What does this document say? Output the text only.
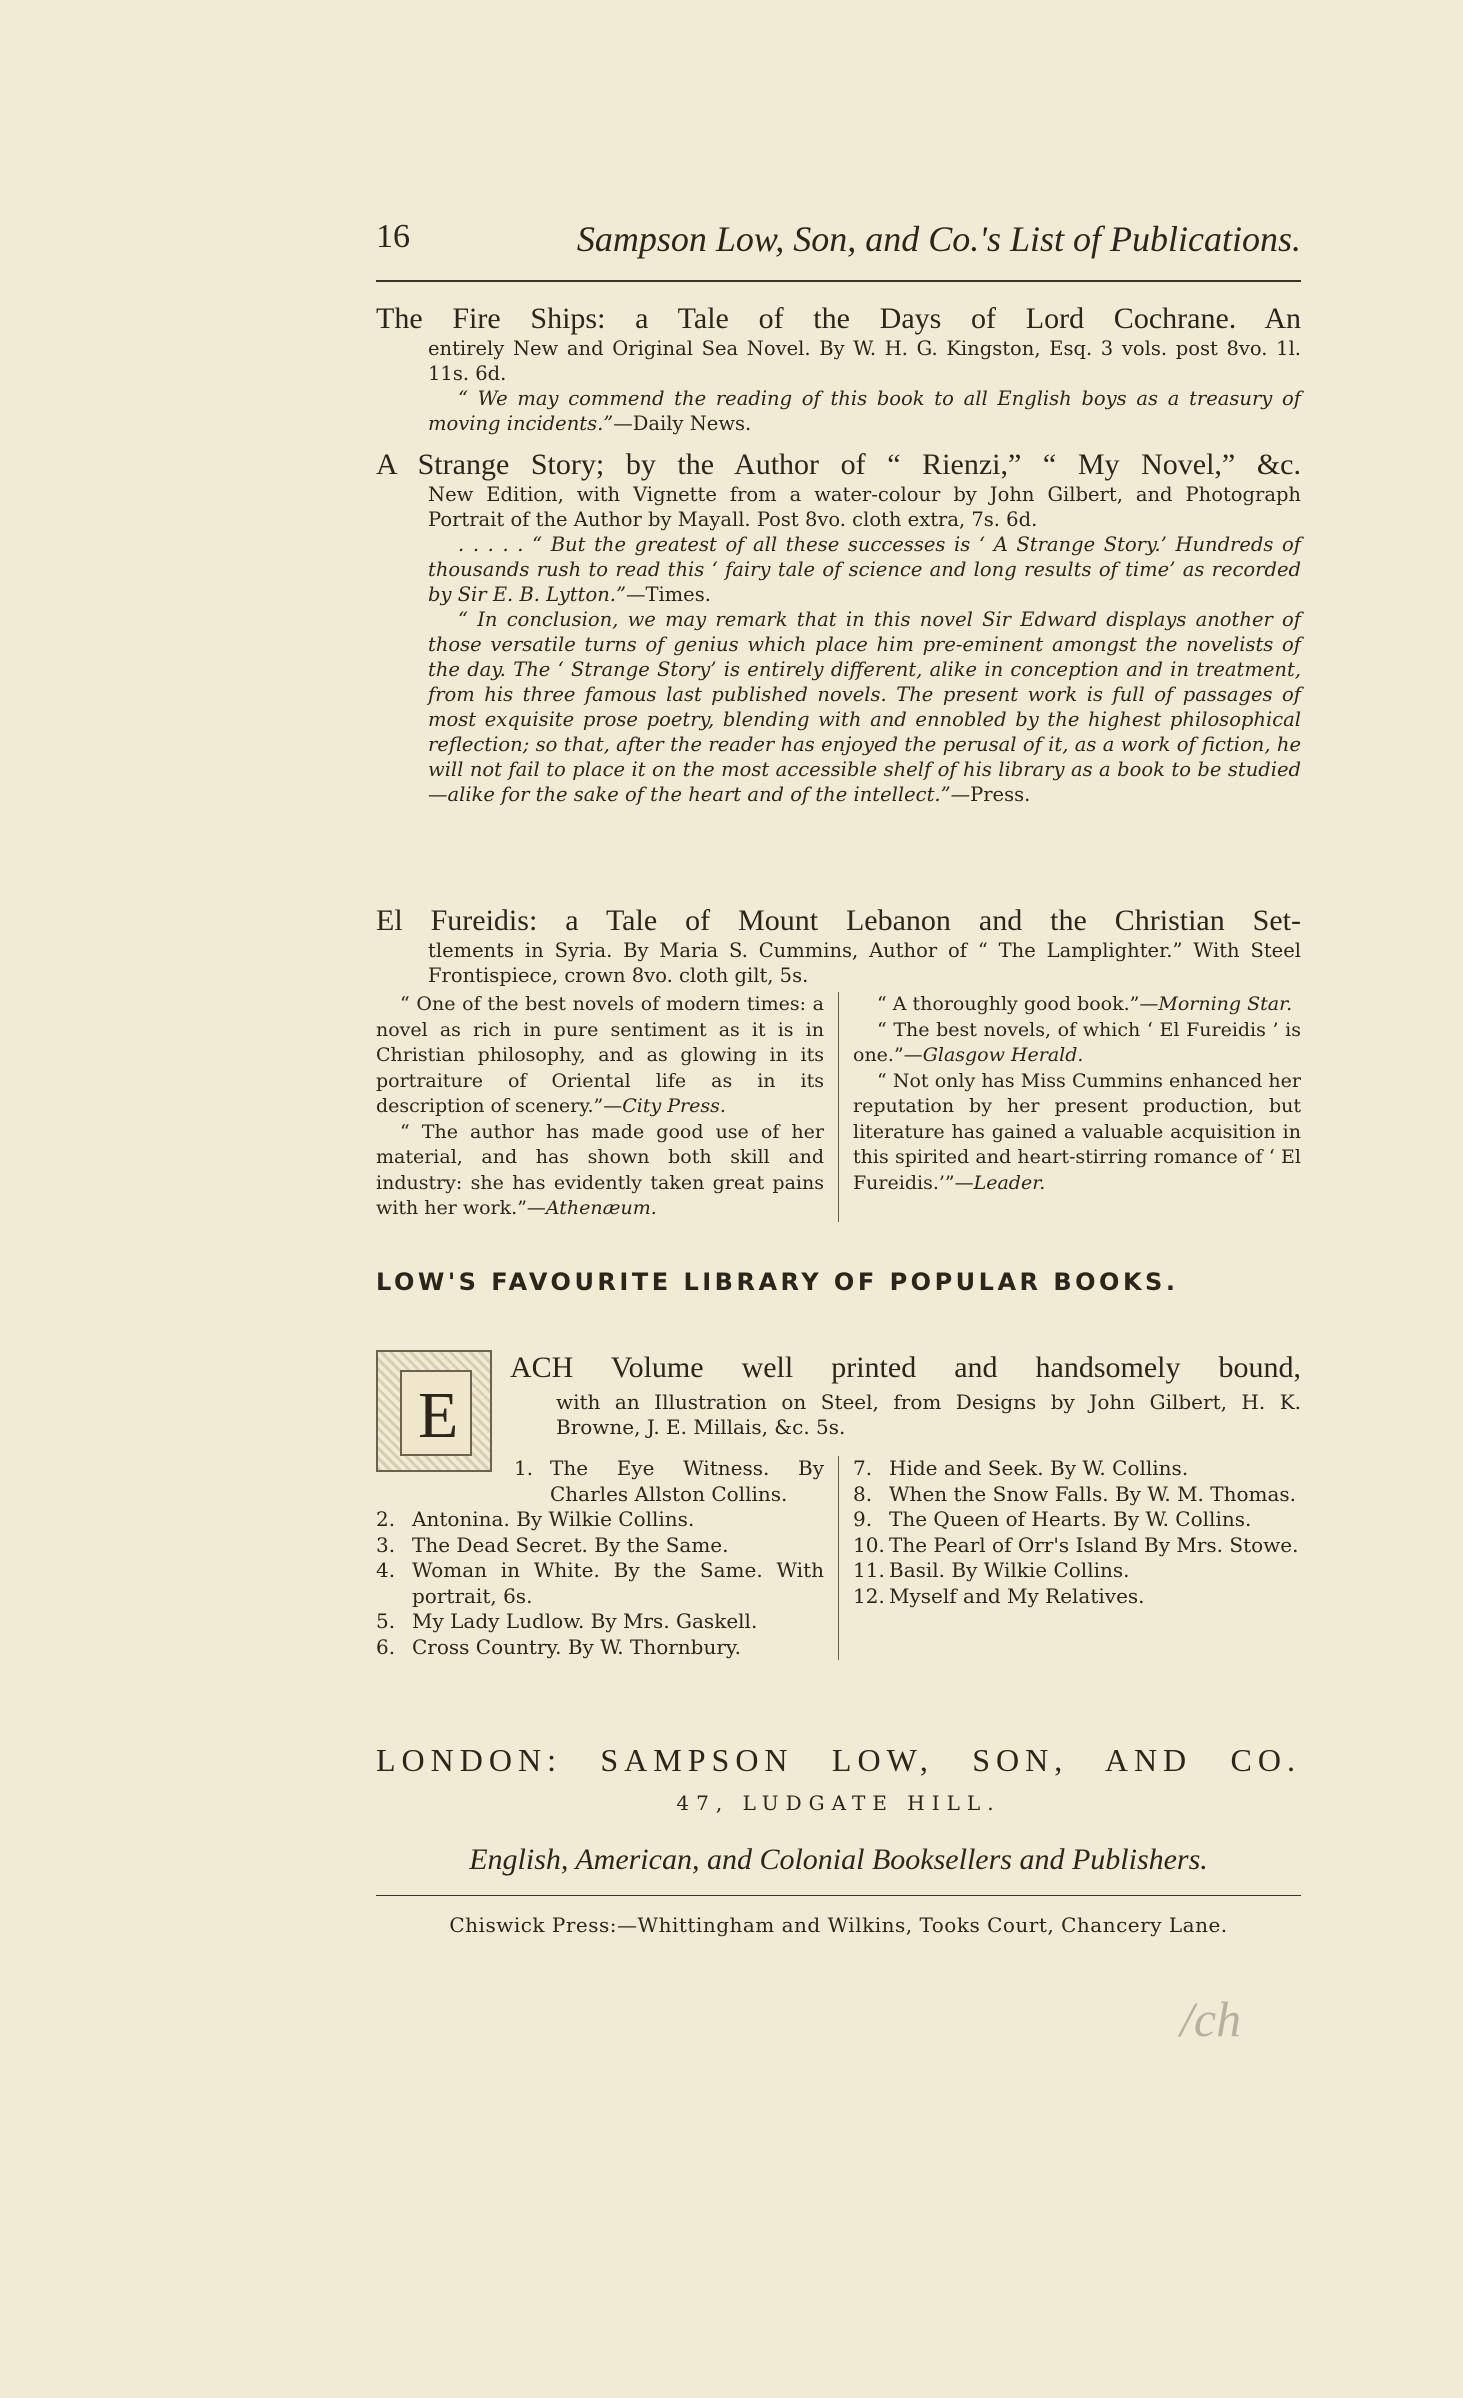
16	Sampson Low, Son, and Co.'s List of Publications.
The Fire Ships: a Tale of the Days of Lord Cochrane. An
entirely New and Original Sea Novel. By W. H. G. Kingston, Esq. 3 vols. post 8vo. 1l. 11s. 6d.
“ We may commend the reading of this book to all English boys as a treasury of moving incidents.”—Daily News.
A Strange Story; by the Author of “ Rienzi,” “ My Novel,” &c.
New Edition, with Vignette from a water-colour by John Gilbert, and Photograph Portrait of the Author by Mayall. Post 8vo. cloth extra, 7s. 6d.
. . . . . “ But the greatest of all these successes is ‘ A Strange Story.’ Hundreds of thousands rush to read this ‘ fairy tale of science and long results of time’ as recorded by Sir E. B. Lytton.”—Times.
“ In conclusion, we may remark that in this novel Sir Edward displays another of those versatile turns of genius which place him pre-eminent amongst the novelists of the day. The ‘ Strange Story’ is entirely different, alike in conception and in treatment, from his three famous last published novels. The present work is full of passages of most exquisite prose poetry, blending with and ennobled by the highest philosophical reflection; so that, after the reader has enjoyed the perusal of it, as a work of fiction, he will not fail to place it on the most accessible shelf of his library as a book to be studied—alike for the sake of the heart and of the intellect.”—Press.
El Fureidis: a Tale of Mount Lebanon and the Christian Set-
tlements in Syria. By Maria S. Cummins, Author of “ The Lamplighter.” With Steel Frontispiece, crown 8vo. cloth gilt, 5s.

“ One of the best novels of modern times: a novel as rich in pure sentiment as it is in Christian philosophy, and as glowing in its portraiture of Oriental life as in its description of scenery.”—City Press.

“ The author has made good use of her material, and has shown both skill and industry: she has evidently taken great pains with her work.”—Athenæum.

“ A thoroughly good book.”—Morning Star.

“ The best novels, of which ‘ El Fureidis ’ is one.”—Glasgow Herald.

“ Not only has Miss Cummins enhanced her reputation by her present production, but literature has gained a valuable acquisition in this spirited and heart-stirring romance of ‘ El Fureidis.’”—Leader.

LOW'S FAVOURITE LIBRARY OF POPULAR BOOKS.
E
ACH Volume well printed and handsomely bound,
with an Illustration on Steel, from Designs by John Gilbert, H. K. Browne, J. E. Millais, &c. 5s.
1. The Eye Witness. By Charles Allston Collins.
2. Antonina. By Wilkie Collins.
3. The Dead Secret. By the Same.
4. Woman in White. By the Same. With portrait, 6s.
5. My Lady Ludlow. By Mrs. Gaskell.
6. Cross Country. By W. Thornbury.
7. Hide and Seek. By W. Collins.
8. When the Snow Falls. By W. M. Thomas.
9. The Queen of Hearts. By W. Collins.
10. The Pearl of Orr's Island By Mrs. Stowe.
11. Basil. By Wilkie Collins.
12. Myself and My Relatives.
LONDON: SAMPSON LOW, SON, AND CO.
47, LUDGATE HILL.
English, American, and Colonial Booksellers and Publishers.
Chiswick Press:—Whittingham and Wilkins, Tooks Court, Chancery Lane.
/ch
